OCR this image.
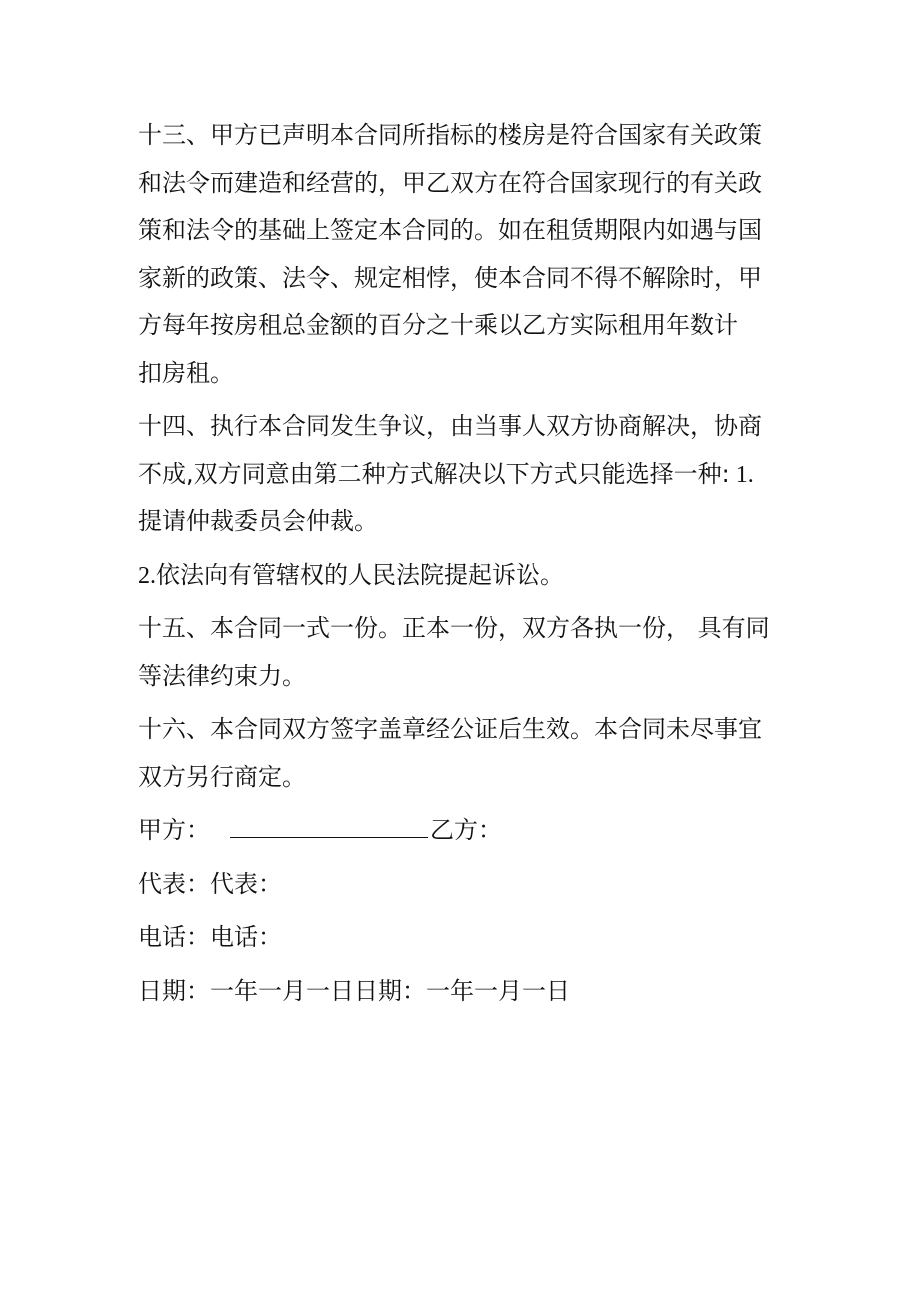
十三、甲方已声明本合同所指标的楼房是符合国家有关政策
和法令而建造和经营的，甲乙双方在符合国家现行的有关政
策和法令的基础上签定本合同的。如在租赁期限内如遇与国
家新的政策、法令、规定相悖，使本合同不得不解除时，甲
方每年按房租总金额的百分之十乘以乙方实际租用年数计
扣房租。
十四、执行本合同发生争议，由当事人双方协商解决，协商
不成,双方同意由第二种方式解决以下方式只能选择一种: 1.
提请仲裁委员会仲裁。
2.依法向有管辖权的人民法院提起诉讼。
十五、本合同一式一份。正本一份，双方各执一份， 具有同
等法律约束力。
十六、本合同双方签字盖章经公证后生效。本合同未尽事宜
双方另行商定。
甲方：	乙方：
代表：代表：
电话：电话：
日期：一年一月一日日期：一年一月一日
